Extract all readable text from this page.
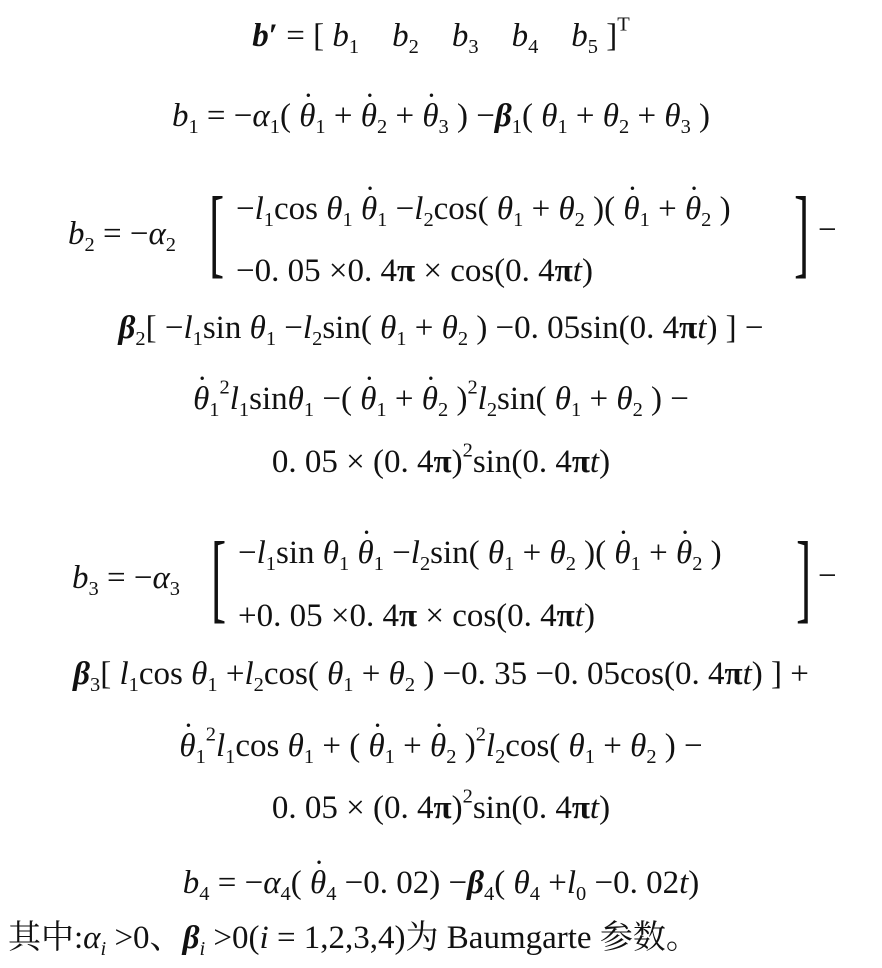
b′ = [ $b_1$ $b_2$ $b_3$ $b_4$ $b_5$ ]$^T$
$b_1 = -\alpha_1( \cdot \theta_1$ + · $\theta_2$ + · $\theta_3$ ) $-\beta_1$( $\theta_1 + \theta_2 + \theta_3$ )
$b_2 = -\alpha_2$ [ $-l_1\cos$ $\theta_1 \cdot \theta_1 -l_2\cos$( $\theta_1 + \theta_2$ )( · $\theta_1$ + · $\theta_2$ )
−0. 05 ×0. 4π × cos(0. 4πt) ] −
$\beta_2[ -l_1\sin$ $\theta_1 -l_2\sin$( $\theta_1 + \theta_2$ ) −0. 05sin(0. 4πt) ] −
· $\theta_1^2l_1\sin\theta_1$ −( · $\theta_1$ + · $\theta_2$ )$^2l_2\sin$( $\theta_1 + \theta_2$ ) −
0. 05 × (0. 4π)$^2$sin(0. 4πt)
$b_3 = -\alpha_3$ [ $-l_1\sin$ $\theta_1 \cdot \theta_1 -l_2\sin$( $\theta_1 + \theta_2$ )( · $\theta_1$ + · $\theta_2$ )
+0. 05 ×0. 4π × cos(0. 4πt) ] −
$\beta_3$[ $l_1\cos$ $\theta_1 +l_2\cos$( $\theta_1 + \theta_2$ ) −0. 35 −0. 05cos(0. 4πt) ] +
· $\theta_1^2l_1\cos$ $\theta_1$ + ( · $\theta_1$ + · $\theta_2$ )$^2l_2\cos$( $\theta_1 + \theta_2$ ) −
0. 05 × (0. 4π)$^2$sin(0. 4πt)
$b_4 = -\alpha_4( \cdot \theta_4 -0$. $02) -\beta_4$( $\theta_4 +l_0 -0$. 02t)
其中$:\alpha_i >0$、$\beta_i >0(i = 1,2,3,4)$为 Baumgarte 参数。
